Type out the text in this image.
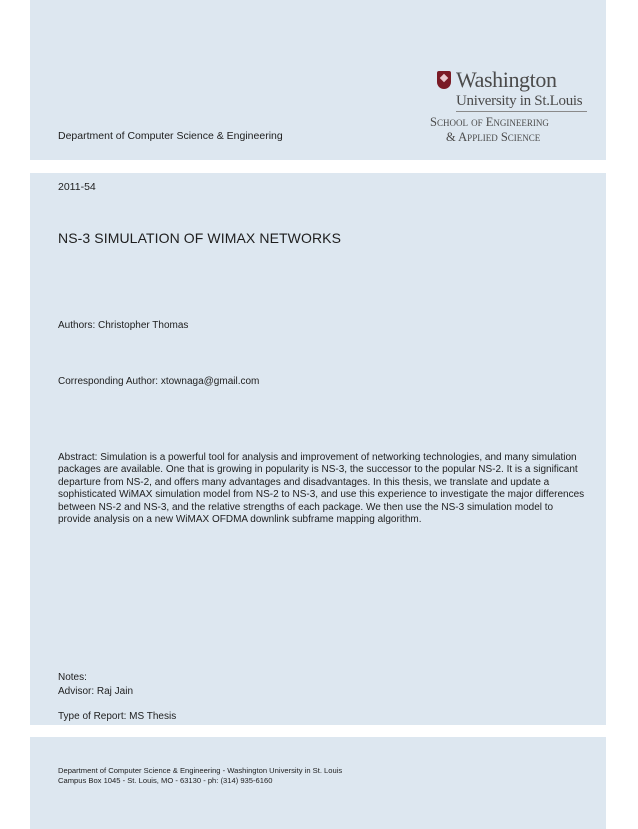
Washington
University in St.Louis
School of Engineering
& Applied Science
Department of Computer Science & Engineering
2011-54
NS-3 SIMULATION OF WIMAX NETWORKS
Authors: Christopher Thomas
Corresponding Author: xtownaga@gmail.com
Abstract: Simulation is a powerful tool for analysis and improvement of networking technologies, and many simulation packages are available. One that is growing in popularity is NS-3, the successor to the popular NS-2. It is a significant departure from NS-2, and offers many advantages and disadvantages. In this thesis, we translate and update a sophisticated WiMAX simulation model from NS-2 to NS-3, and use this experience to investigate the major differences between NS-2 and NS-3, and the relative strengths of each package. We then use the NS-3 simulation model to provide analysis on a new WiMAX OFDMA downlink subframe mapping algorithm.
Notes:
Advisor: Raj Jain
Type of Report: MS Thesis
Department of Computer Science & Engineering - Washington University in St. Louis
Campus Box 1045 - St. Louis, MO - 63130 - ph: (314) 935-6160
